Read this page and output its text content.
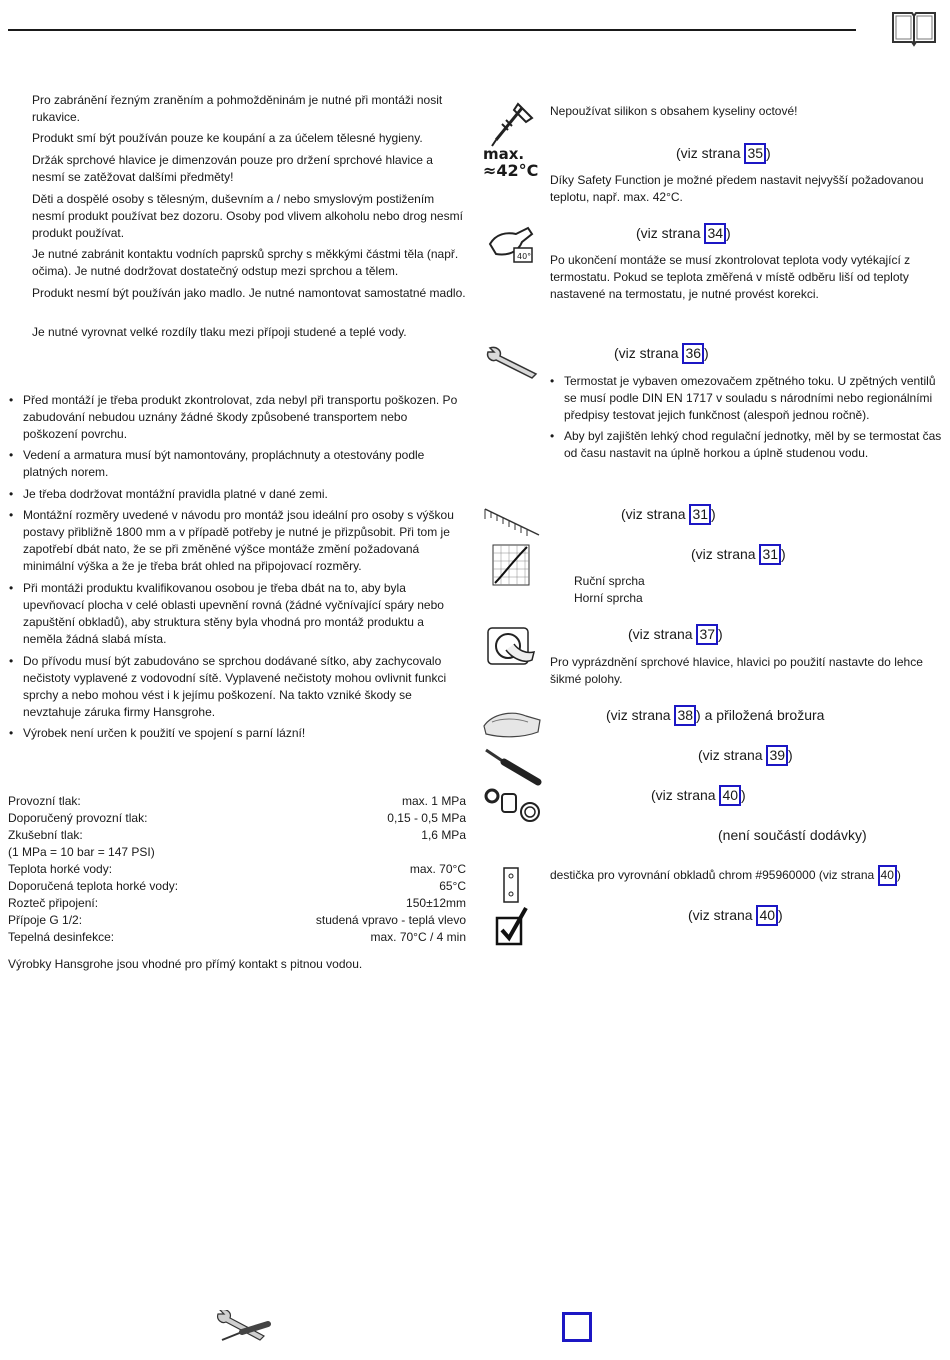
Pro zabránění řezným zraněním a pohmožděninám je nutné při montáži nosit rukavice.

Produkt smí být používán pouze ke koupání a za účelem tělesné hygieny.

Držák sprchové hlavice je dimenzován pouze pro držení sprchové hlavice a nesmí se zatěžovat dalšími předměty!

Děti a dospělé osoby s tělesným, duševním a / nebo smyslovým postižením nesmí produkt používat bez dozoru. Osoby pod vlivem alkoholu nebo drog nesmí produkt používat.

Je nutné zabránit kontaktu vodních paprsků sprchy s měkkými částmi těla (např. očima). Je nutné dodržovat dostatečný odstup mezi sprchou a tělem.

Produkt nesmí být používán jako madlo. Je nutné namontovat samostatné madlo.

Je nutné vyrovnat velké rozdíly tlaku mezi přípoji studené a teplé vody.

• Před montáží je třeba produkt zkontrolovat, zda nebyl při transportu poškozen. Po zabudování nebudou uznány žádné škody způsobené transportem nebo poškození povrchu.

• Vedení a armatura musí být namontovány, propláchnuty a otestovány podle platných norem.

• Je třeba dodržovat montážní pravidla platné v dané zemi.

• Montážní rozměry uvedené v návodu pro montáž jsou ideální pro osoby s výškou postavy přibližně 1800 mm a v případě potřeby je nutné je přizpůsobit. Při tom je zapotřebí dbát nato, že se při změněné výšce montáže změní požadovaná minimální výška a že je třeba brát ohled na připojovací rozměry.

• Při montáži produktu kvalifikovanou osobou je třeba dbát na to, aby byla upevňovací plocha v celé oblasti upevnění rovná (žádné vyčnívající spáry nebo zapuštění obkladů), aby struktura stěny byla vhodná pro montáž produktu a neměla žádná slabá místa.

• Do přívodu musí být zabudováno se sprchou dodávané sítko, aby zachycovalo nečistoty vyplavené z vodovodní sítě. Vyplavené nečistoty mohou ovlivnit funkci sprchy a nebo mohou vést i k jejímu poškození. Na takto vzniké škody se nevztahuje záruka firmy Hansgrohe.

• Výrobek není určen k použití ve spojení s parní lázní!

Provozní tlak:	max. 1 MPa
Doporučený provozní tlak:	0,15 - 0,5 MPa
Zkušební tlak:	1,6 MPa
(1 MPa = 10 bar = 147 PSI)
Teplota horké vody:	max. 70°C
Doporučená teplota horké vody:	65°C
Rozteč připojení:	150±12mm
Přípoje G 1/2:	studená vpravo - teplá vlevo
Tepelná desinfekce:	max. 70°C / 4 min

Výrobky Hansgrohe jsou vhodné pro přímý kontakt s pitnou vodou.

max.
≈42°C
40°

Nepoužívat silikon s obsahem kyseliny octové!

(viz strana 35 )

Díky Safety Function je možné předem nastavit nejvyšší požadovanou teplotu, např. max. 42°C.

(viz strana 34 )

Po ukončení montáže se musí zkontrolovat teplota vody vytékající z termostatu. Pokud se teplota změřená v místě odběru liší od teploty nastavené na termostatu, je nutné provést korekci.

(viz strana 36 )

• Termostat je vybaven omezovačem zpětného toku. U zpětných ventilů se musí podle DIN EN 1717 v souladu s národními nebo regionálními předpisy testovat jejich funkčnost (alespoň jednou ročně).

• Aby byl zajištěn lehký chod regulační jednotky, měl by se termostat čas od času nastavit na úplně horkou a úplně studenou vodu.

(viz strana 31 )
(viz strana 31 )

Ruční sprcha

Horní sprcha

(viz strana 37 )

Pro vyprázdnění sprchové hlavice, hlavici po použití nastavte do lehce šikmé polohy.

(viz strana 38 ) a přiložená brožura
(viz strana 39 )
(viz strana 40 )
(není součástí dodávky)

destička pro vyrovnání obkladů chrom #95960000 (viz strana 40 )

(viz strana 40 )
